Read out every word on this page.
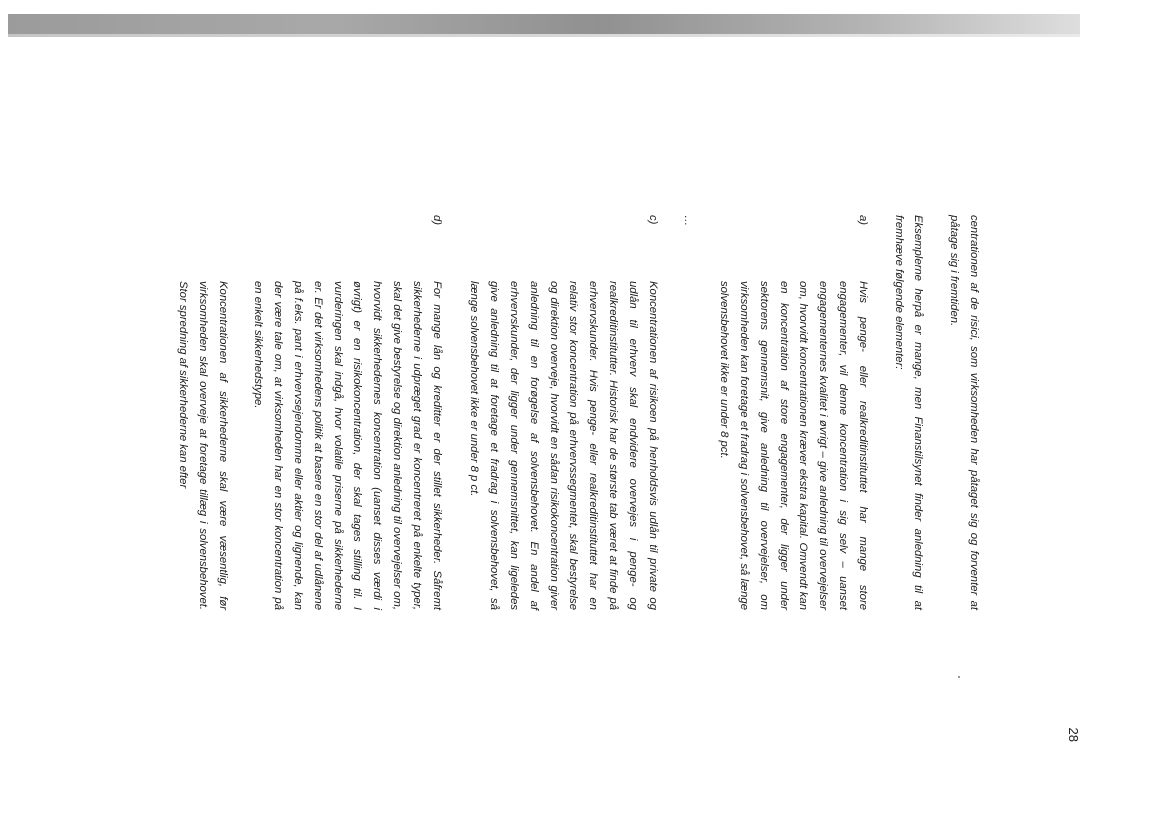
28

centrationen af de risici, som virksomheden har påtaget sig og forventer at påtage sig i fremtiden.

Eksemplerne herpå er mange, men Finanstilsynet finder anledning til at fremhæve følgende elementer:

a)
Hvis penge- eller realkreditinstituttet har mange store engagementer, vil denne koncentration i sig selv – uanset engagementernes kvalitet i øvrigt – give anledning til overvejelser om, hvorvidt koncentrationen kræver ekstra kapital. Omvendt kan en koncentration af store engagementer, der ligger under sektorens gennemsnit, give anledning til overvejelser, om virksomheden kan foretage et fradrag i solvensbehovet, så længe solvensbehovet ikke er under 8 pct.

…

c)
Koncentrationen af risikoen på henholdsvis udlån til private og udlån til erhverv skal endvidere overvejes i penge- og realkreditinstitutter. Historisk har de største tab været at finde på erhvervskunder. Hvis penge- eller realkreditinstituttet har en relativ stor koncentration på erhvervssegmentet, skal bestyrelse og direktion overveje, hvorvidt en sådan risikokoncentration giver anledning til en forøgelse af solvensbehovet. En andel af erhvervskunder, der ligger under gennemsnittet, kan ligeledes give anledning til at foretage et fradrag i solvensbehovet, så længe solvensbehovet ikke er under 8 p ct.
d)
For mange lån og kreditter er der stillet sikkerheder. Såfremt sikkerhederne i udpræget grad er koncentreret på enkelte typer, skal det give bestyrelse og direktion anledning til overvejelser om, hvorvidt sikkerhedernes koncentration (uanset disses værdi i øvrigt) er en risikokoncentration, der skal tages stilling til. I vurderingen skal indgå, hvor volatile priserne på sikkerhederne er. Er det virksomhedens politik at basere en stor del af udlånene på f.eks. pant i erhvervsejendomme eller aktier og lignende, kan der være tale om, at virksomheden har en stor koncentration på en enkelt sikkerhedstype.
Koncentrationen af sikkerhederne skal være væsentlig, før virksomheden skal overveje at foretage tillæg i solvensbehovet. Stor spredning af sikkerhederne kan efter
